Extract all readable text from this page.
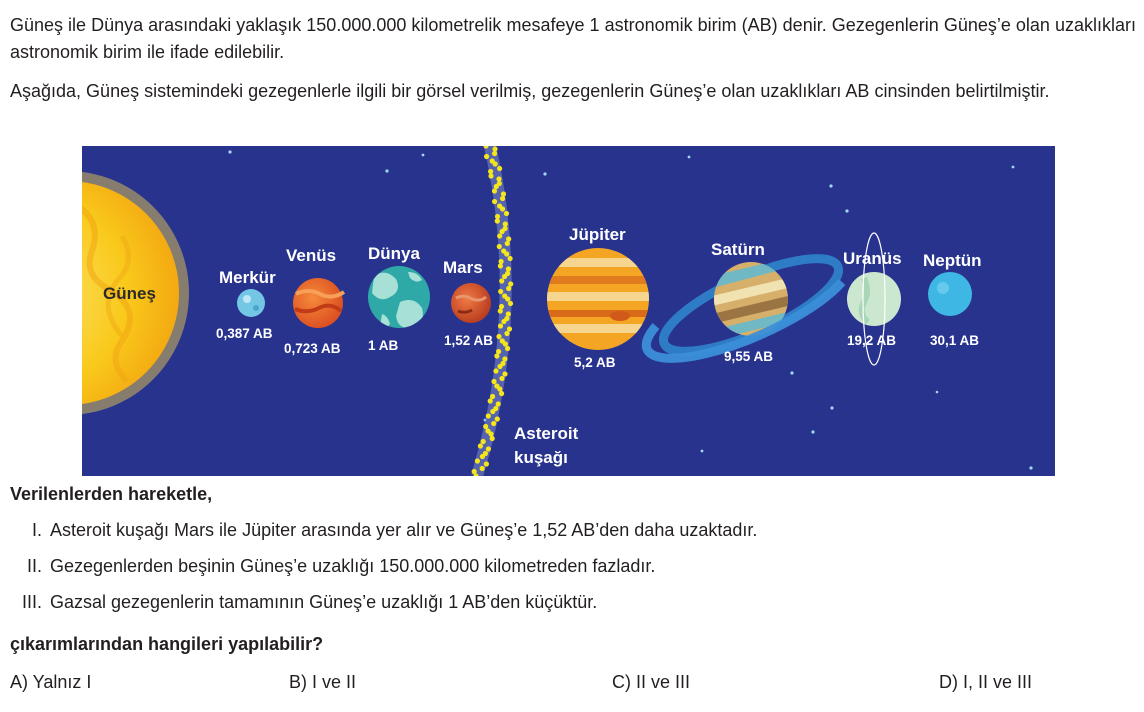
Güneş ile Dünya arasındaki yaklaşık 150.000.000 kilometrelik mesafeye 1 astronomik birim (AB) denir. Gezegenlerin Güneş’e olan uzaklıkları astronomik birim ile ifade edilebilir.
Aşağıda, Güneş sistemindeki gezegenlerle ilgili bir görsel verilmiş, gezegenlerin Güneş’e olan uzaklıkları AB cinsinden belirtilmiştir.
Güneş
Merkür
0,387 AB
Venüs
0,723 AB
Dünya
1 AB
Mars
1,52 AB
Jüpiter
5,2 AB
Satürn
9,55 AB
Uranüs
19,2 AB
Neptün
30,1 AB
Asteroit
kuşağı
Verilenlerden hareketle,
I. Asteroit kuşağı Mars ile Jüpiter arasında yer alır ve Güneş’e 1,52 AB’den daha uzaktadır.
II. Gezegenlerden beşinin Güneş’e uzaklığı 150.000.000 kilometreden fazladır.
III. Gazsal gezegenlerin tamamının Güneş’e uzaklığı 1 AB’den küçüktür.
çıkarımlarından hangileri yapılabilir?
A) Yalnız I	B) I ve II	C) II ve III	D) I, II ve III
